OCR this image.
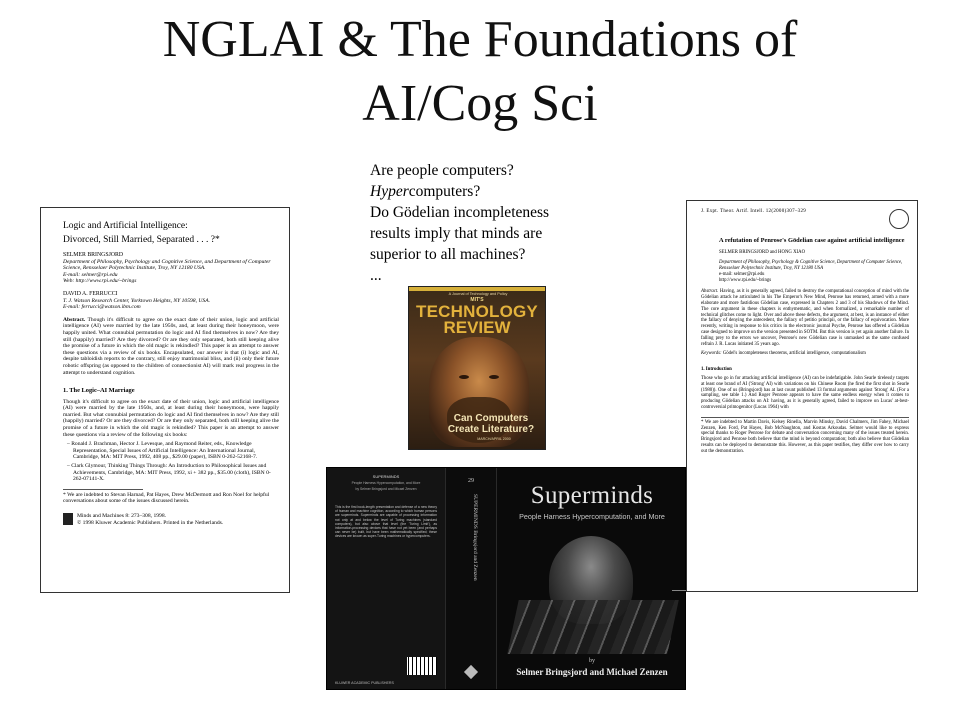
NGLAI & The Foundations of
AI/Cog Sci
Are people computers?
Hypercomputers?
Do Gödelian incompleteness
results imply that minds are
superior to all machines?
...
Logic and Artificial Intelligence:
Divorced, Still Married, Separated . . . ?*
SELMER BRINGSJORD
Department of Philosophy, Psychology and Cognitive Science, and Department of Computer Science, Rensselaer Polytechnic Institute, Troy, NY 12180 USA.
E-mail: selmer@rpi.edu
Web: http://www.rpi.edu/~brings
DAVID A. FERRUCCI
T. J. Watson Research Center, Yorktown Heights, NY 10598, USA.
E-mail: ferrucci@watson.ibm.com
Abstract. Though it's difficult to agree on the exact date of their union, logic and artificial intelligence (AI) were married by the late 1950s, and, at least during their honeymoon, were happily united. What connubial permutation do logic and AI find themselves in now? Are they still (happily) married? Are they divorced? Or are they only separated, both still keeping alive the promise of a future in which the old magic is rekindled? This paper is an attempt to answer these questions via a review of six books. Encapsulated, our answer is that (i) logic and AI, despite tabloidish reports to the contrary, still enjoy matrimonial bliss, and (ii) only their future robotic offspring (as opposed to the children of connectionist AI) will mark real progress in the attempt to understand cognition.
1. The Logic–AI Marriage
Though it's difficult to agree on the exact date of their union, logic and artificial intelligence (AI) were married by the late 1950s, and, at least during their honeymoon, were happily married. But what connubial permutation do logic and AI find themselves in now? Are they still (happily) married? Or are they divorced? Or are they only separated, both still keeping alive the promise of a future in which the old magic is rekindled? This paper is an attempt to answer these questions via a review of the following six books:
– Ronald J. Brachman, Hector J. Levesque, and Raymond Reiter, eds., Knowledge Representation, Special Issues of Artificial Intelligence: An International Journal, Cambridge, MA: MIT Press, 1992, 408 pp., $29.00 (paper), ISBN 0-262-52168-7.
– Clark Glymour, Thinking Things Through: An Introduction to Philosophical Issues and Achievements, Cambridge, MA: MIT Press, 1992, xi + 382 pp., $35.00 (cloth), ISBN 0-262-07141-X.
* We are indebted to Stevan Harnad, Pat Hayes, Drew McDermott and Ron Noel for helpful conversations about some of the issues discussed herein.
Minds and Machines 8: 273–308, 1998.
© 1998 Kluwer Academic Publishers. Printed in the Netherlands.
A Journal of Technology and Policy
MIT'S
TECHNOLOGY
REVIEW
Can Computers Create Literature?
MARCH/APRIL 2000
J. Expt. Theor. Artif. Intell. 12(2000)307–329
A refutation of Penrose's Gödelian case against artificial intelligence
SELMER BRINGSJORD and HONG XIAO
Department of Philosophy, Psychology & Cognitive Science, Department of Computer Science, Rensselaer Polytechnic Institute, Troy, NY 12180 USA
e-mail: selmer@rpi.edu
http://www.rpi.edu/~brings
Abstract. Having, as it is generally agreed, failed to destroy the computational conception of mind with the Gödelian attack he articulated in his The Emperor's New Mind, Penrose has returned, armed with a more elaborate and more fastidious Gödelian case, expressed in Chapters 2 and 3 of his Shadows of the Mind. The core argument in these chapters is enthymematic, and when formalized, a remarkable number of technical glitches come to light. Over and above these defects, the argument, at best, is an instance of either the fallacy of denying the antecedent, the fallacy of petitio principii, or the fallacy of equivocation. More recently, writing in response to his critics in the electronic journal Psyche, Penrose has offered a Gödelian case designed to improve on the version presented in SOTM. But this version is yet again another failure. In falling prey to the errors we uncover, Penrose's new Gödelian case is unmasked as the same confused refrain J. R. Lucas initiated 35 years ago.
Keywords: Gödel's incompleteness theorems, artificial intelligence, computationalism
1. Introduction
Those who go in for attacking artificial intelligence (AI) can be indefatigable. John Searle tirelessly targets at least one brand of AI ('Strong' AI) with variations on his Chinese Room (he fired the first shot in Searle (1980)). One of us (Bringsjord) has at last count published 13 formal arguments against 'Strong' AI. (For a sampling, see table 1.) And Roger Penrose appears to have the same endless energy when it comes to producing Gödelian attacks on AI: having, as it is generally agreed, failed to improve on Lucas' at-best-controversial primogenitor (Lucas 1964) with
* We are indebted to Martin Davis, Kelsey Rinella, Marvin Minsky, David Chalmers, Jim Fahey, Michael Zenzen, Ken Ford, Pat Hayes, Bob McNaughton, and Kostas Arkoudas. Selmer would like to express special thanks to Roger Penrose for debate and conversation concerning many of the issues treated herein. Bringsjord and Penrose both believe that the mind is beyond computation; both also believe that Gödelian results can be deployed to demonstrate this. However, as this paper testifies, they differ over how to carry out the demonstration.
SUPERMINDS
People Harness Hypercomputation, and More
by Selmer Bringsjord and Micael Zenzen
This is the first book-length presentation and defense of a new theory of human and machine cognition, according to which human persons are superminds. Superminds are capable of processing information not only at and below the level of Turing machines (standard computers), but also above that level (the 'Turing Limit'), as information-processing devices that have not yet been (and perhaps can never be) built, but have been mathematically specified; these devices are known as super-Turing machines or hypercomputers.
KLUWER ACADEMIC PUBLISHERS
29
SUPERMINDS Bringsjord and Zenzen	Superminds
People Harness Hypercomputation, and More
by
Selmer Bringsjord and Michael Zenzen
